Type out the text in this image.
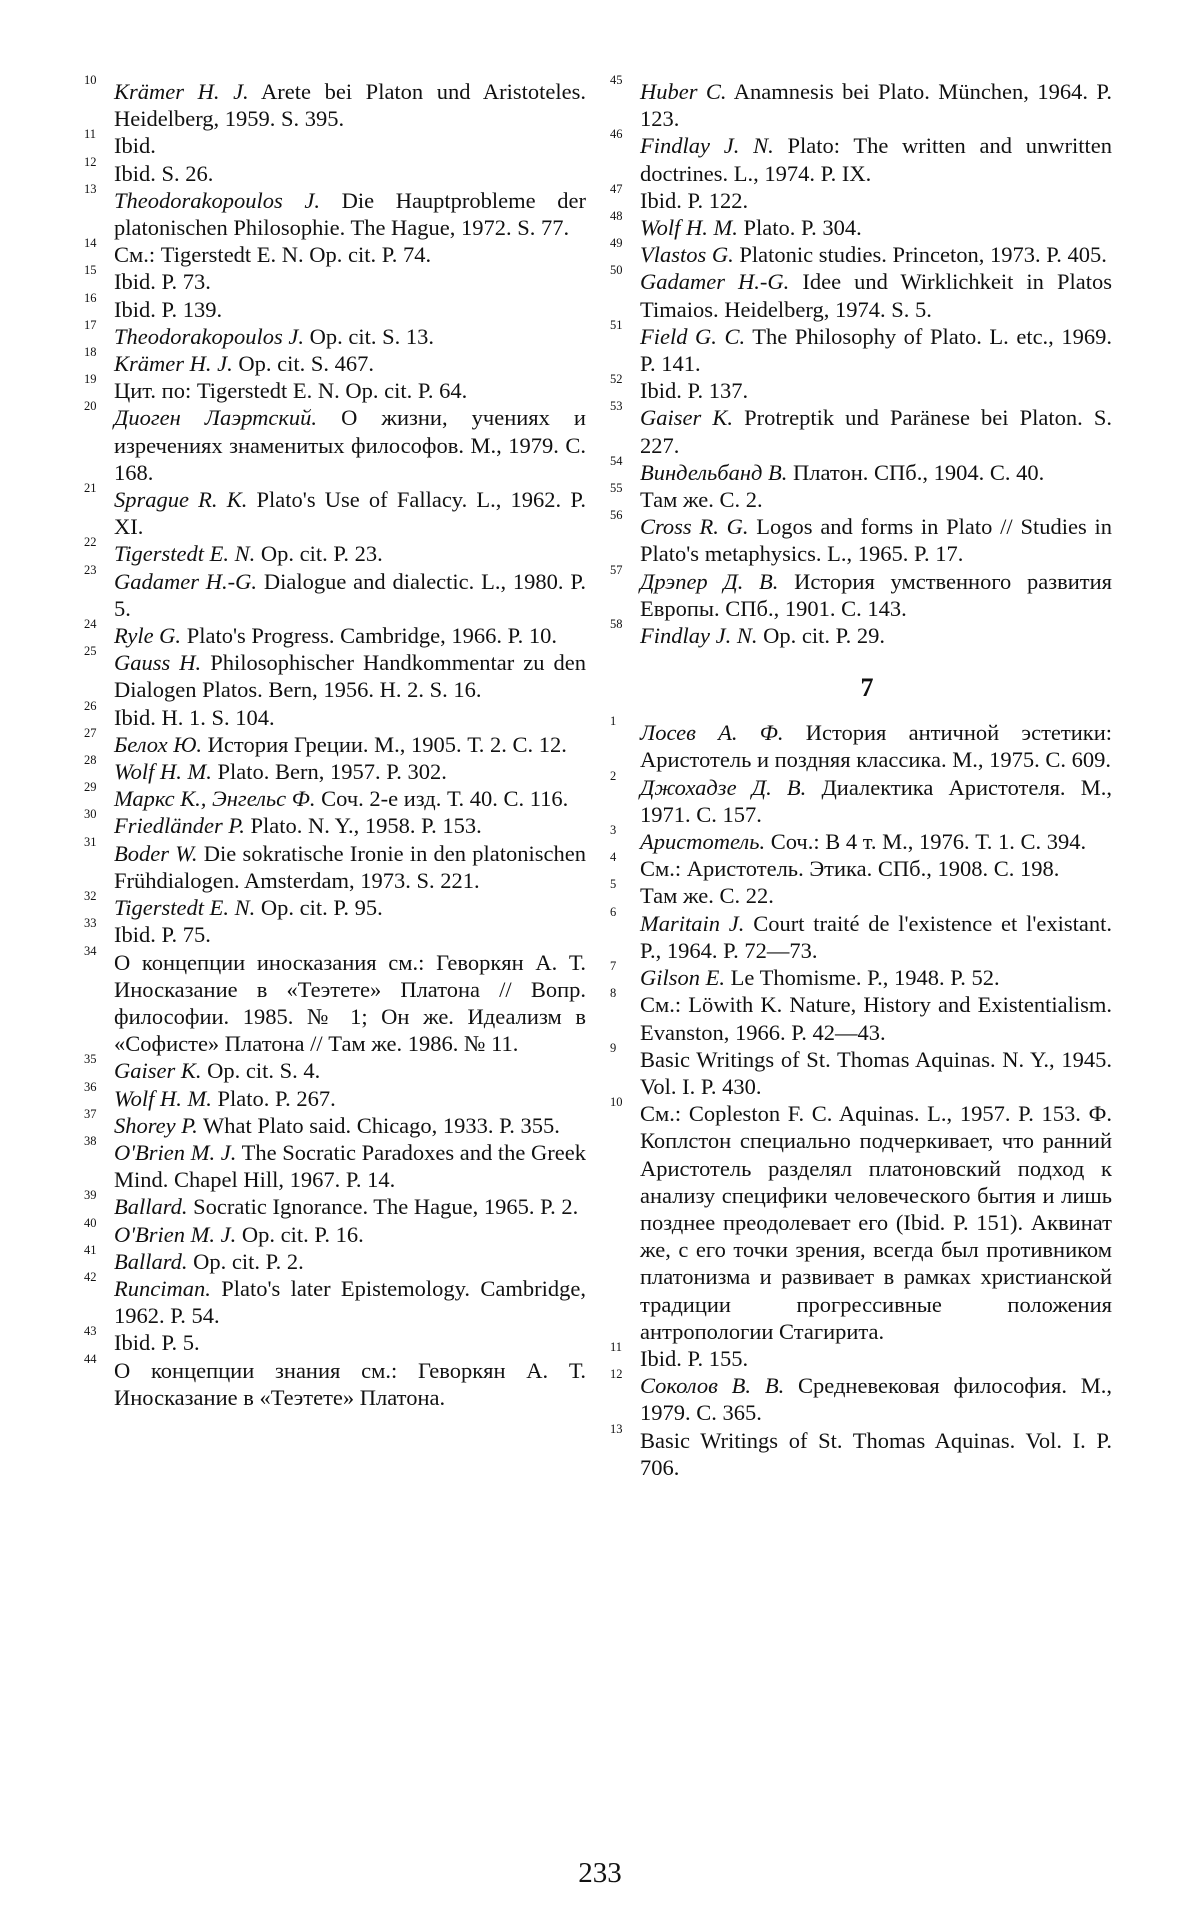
10 Krämer H. J. Arete bei Platon und Aristoteles. Heidelberg, 1959. S. 395.
11 Ibid.
12 Ibid. S. 26.
13 Theodorakopoulos J. Die Hauptprobleme der platonischen Philosophie. The Hague, 1972. S. 77.
14 См.: Tigerstedt E. N. Op. cit. P. 74.
15 Ibid. P. 73.
16 Ibid. P. 139.
17 Theodorakopoulos J. Op. cit. S. 13.
18 Krämer H. J. Op. cit. S. 467.
19 Цит. по: Tigerstedt E. N. Op. cit. P. 64.
20 Диоген Лаэртский. О жизни, учениях и изречениях знаменитых философов. М., 1979. С. 168.
21 Sprague R. K. Plato's Use of Fallacy. L., 1962. P. XI.
22 Tigerstedt E. N. Op. cit. P. 23.
23 Gadamer H.-G. Dialogue and dialectic. L., 1980. P. 5.
24 Ryle G. Plato's Progress. Cambridge, 1966. P. 10.
25 Gauss H. Philosophischer Handkommentar zu den Dialogen Platos. Bern, 1956. H. 2. S. 16.
26 Ibid. H. 1. S. 104.
27 Белох Ю. История Греции. М., 1905. Т. 2. С. 12.
28 Wolf H. M. Plato. Bern, 1957. P. 302.
29 Маркс К., Энгельс Ф. Соч. 2-е изд. Т. 40. С. 116.
30 Friedländer P. Plato. N. Y., 1958. P. 153.
31 Boder W. Die sokratische Ironie in den platonischen Frühdialogen. Amsterdam, 1973. S. 221.
32 Tigerstedt E. N. Op. cit. P. 95.
33 Ibid. P. 75.
34 О концепции иносказания см.: Геворкян А. Т. Иносказание в «Теэтете» Платона // Вопр. философии. 1985. № 1; Он же. Идеализм в «Софисте» Платона // Там же. 1986. № 11.
35 Gaiser K. Op. cit. S. 4.
36 Wolf H. M. Plato. P. 267.
37 Shorey P. What Plato said. Chicago, 1933. P. 355.
38 O'Brien M. J. The Socratic Paradoxes and the Greek Mind. Chapel Hill, 1967. P. 14.
39 Ballard. Socratic Ignorance. The Hague, 1965. P. 2.
40 O'Brien M. J. Op. cit. P. 16.
41 Ballard. Op. cit. P. 2.
42 Runciman. Plato's later Epistemology. Cambridge, 1962. P. 54.
43 Ibid. P. 5.
44 О концепции знания см.: Геворкян А. Т. Иносказание в «Теэтете» Платона.
45 Huber C. Anamnesis bei Plato. München, 1964. P. 123.
46 Findlay J. N. Plato: The written and unwritten doctrines. L., 1974. P. IX.
47 Ibid. P. 122.
48 Wolf H. M. Plato. P. 304.
49 Vlastos G. Platonic studies. Princeton, 1973. P. 405.
50 Gadamer H.-G. Idee und Wirklichkeit in Platos Timaios. Heidelberg, 1974. S. 5.
51 Field G. C. The Philosophy of Plato. L. etc., 1969. P. 141.
52 Ibid. P. 137.
53 Gaiser K. Protreptik und Paränese bei Platon. S. 227.
54 Виндельбанд В. Платон. СПб., 1904. С. 40.
55 Там же. С. 2.
56 Cross R. G. Logos and forms in Plato // Studies in Plato's metaphysics. L., 1965. P. 17.
57 Дрэпер Д. В. История умственного развития Европы. СПб., 1901. С. 143.
58 Findlay J. N. Op. cit. P. 29.
7
1	Лосев А. Ф. История античной эстетики: Аристотель и поздняя классика. М., 1975. С. 609.
2	Джохадзе Д. В. Диалектика Аристотеля. М., 1971. С. 157.
3	Аристотель. Соч.: В 4 т. М., 1976. Т. 1. С. 394.
4	См.: Аристотель. Этика. СПб., 1908. С. 198.
5	Там же. С. 22.
6	Maritain J. Court traité de l'existence et l'existant. P., 1964. P. 72—73.
7	Gilson E. Le Thomisme. P., 1948. P. 52.
8	См.: Löwith K. Nature, History and Existentialism. Evanston, 1966. P. 42—43.
9	Basic Writings of St. Thomas Aquinas. N. Y., 1945. Vol. I. P. 430.
10 См.: Copleston F. C. Aquinas. L., 1957. P. 153. Ф. Коплстон специально подчеркивает, что ранний Аристотель разделял платоновский подход к анализу специфики человеческого бытия и лишь позднее преодолевает его (Ibid. P. 151). Аквинат же, с его точки зрения, всегда был противником платонизма и развивает в рамках христианской традиции прогрессивные положения антропологии Стагирита.
11 Ibid. P. 155.
12 Соколов В. В. Средневековая философия. М., 1979. С. 365.
13 Basic Writings of St. Thomas Aquinas. Vol. I. P. 706.
233
